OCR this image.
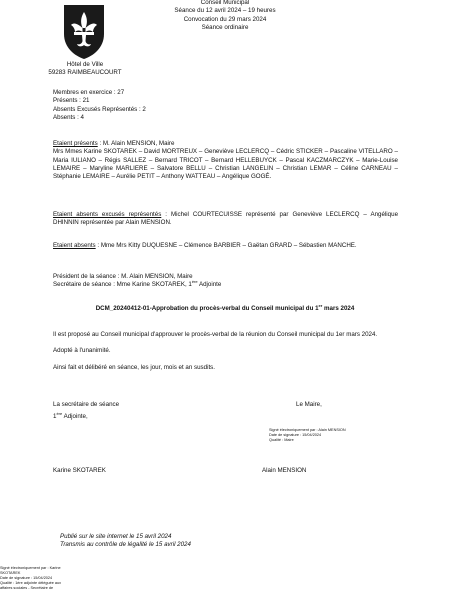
Conseil Municipal
Séance du 12 avril 2024 – 19 heures
Convocation du 29 mars 2024
Séance ordinaire
Hôtel de Ville
59283 RAIMBEAUCOURT
Membres en exercice : 27
Présents : 21
Absents Excusés Représentés : 2
Absents : 4
Etaient présents : M. Alain MENSION, Maire
Mrs Mmes Karine SKOTAREK – David MORTREUX – Geneviève LECLERCQ – Cédric STICKER – Pascaline VITELLARO – Maria IULIANO – Régis SALLEZ – Bernard TRICOT – Bernard HELLEBUYCK – Pascal KACZMARCZYK – Marie-Louise LEMAIRE – Maryline MARLIERE – Salvatore BELLU – Christian LANGELIN – Christian LEMAR – Céline CARNEAU – Stéphanie LEMAIRE – Aurélie PETIT – Anthony WATTEAU – Angélique GOGÉ.
Etaient absents excusés représentés : Michel COURTECUISSE représenté par Geneviève LECLERCQ – Angélique DHINNIN représentée par Alain MENSION.
Etaient absents : Mme Mrs Kitty DUQUESNE – Clémence BARBIER – Gaëtan GRARD – Sébastien MANCHE.
Président de la séance : M. Alain MENSION, Maire
Secrétaire de séance : Mme Karine SKOTAREK, 1ère Adjointe
DCM_20240412-01-Approbation du procès-verbal du Conseil municipal du 1er mars 2024
Il est proposé au Conseil municipal d'approuver le procès-verbal de la réunion du Conseil municipal du 1er mars 2024.
Adopté à l'unanimité.
Ainsi fait et délibéré en séance, les jour, mois et an susdits.
La secrétaire de séance
1ère Adjointe,
Le Maire,
Signé électroniquement par : Alain MENSION
Date de signature : 15/04/2024
Qualité : Maire
Karine SKOTAREK	Alain MENSION
Publié sur le site internet le 15 avril 2024
Transmis au contrôle de légalité le 15 avril 2024
Signé électroniquement par : Karine
SKOTAREK
Date de signature : 15/04/2024
Qualité : 1ère adjointe déléguée aux
affaires sociales - Secrétaire de
